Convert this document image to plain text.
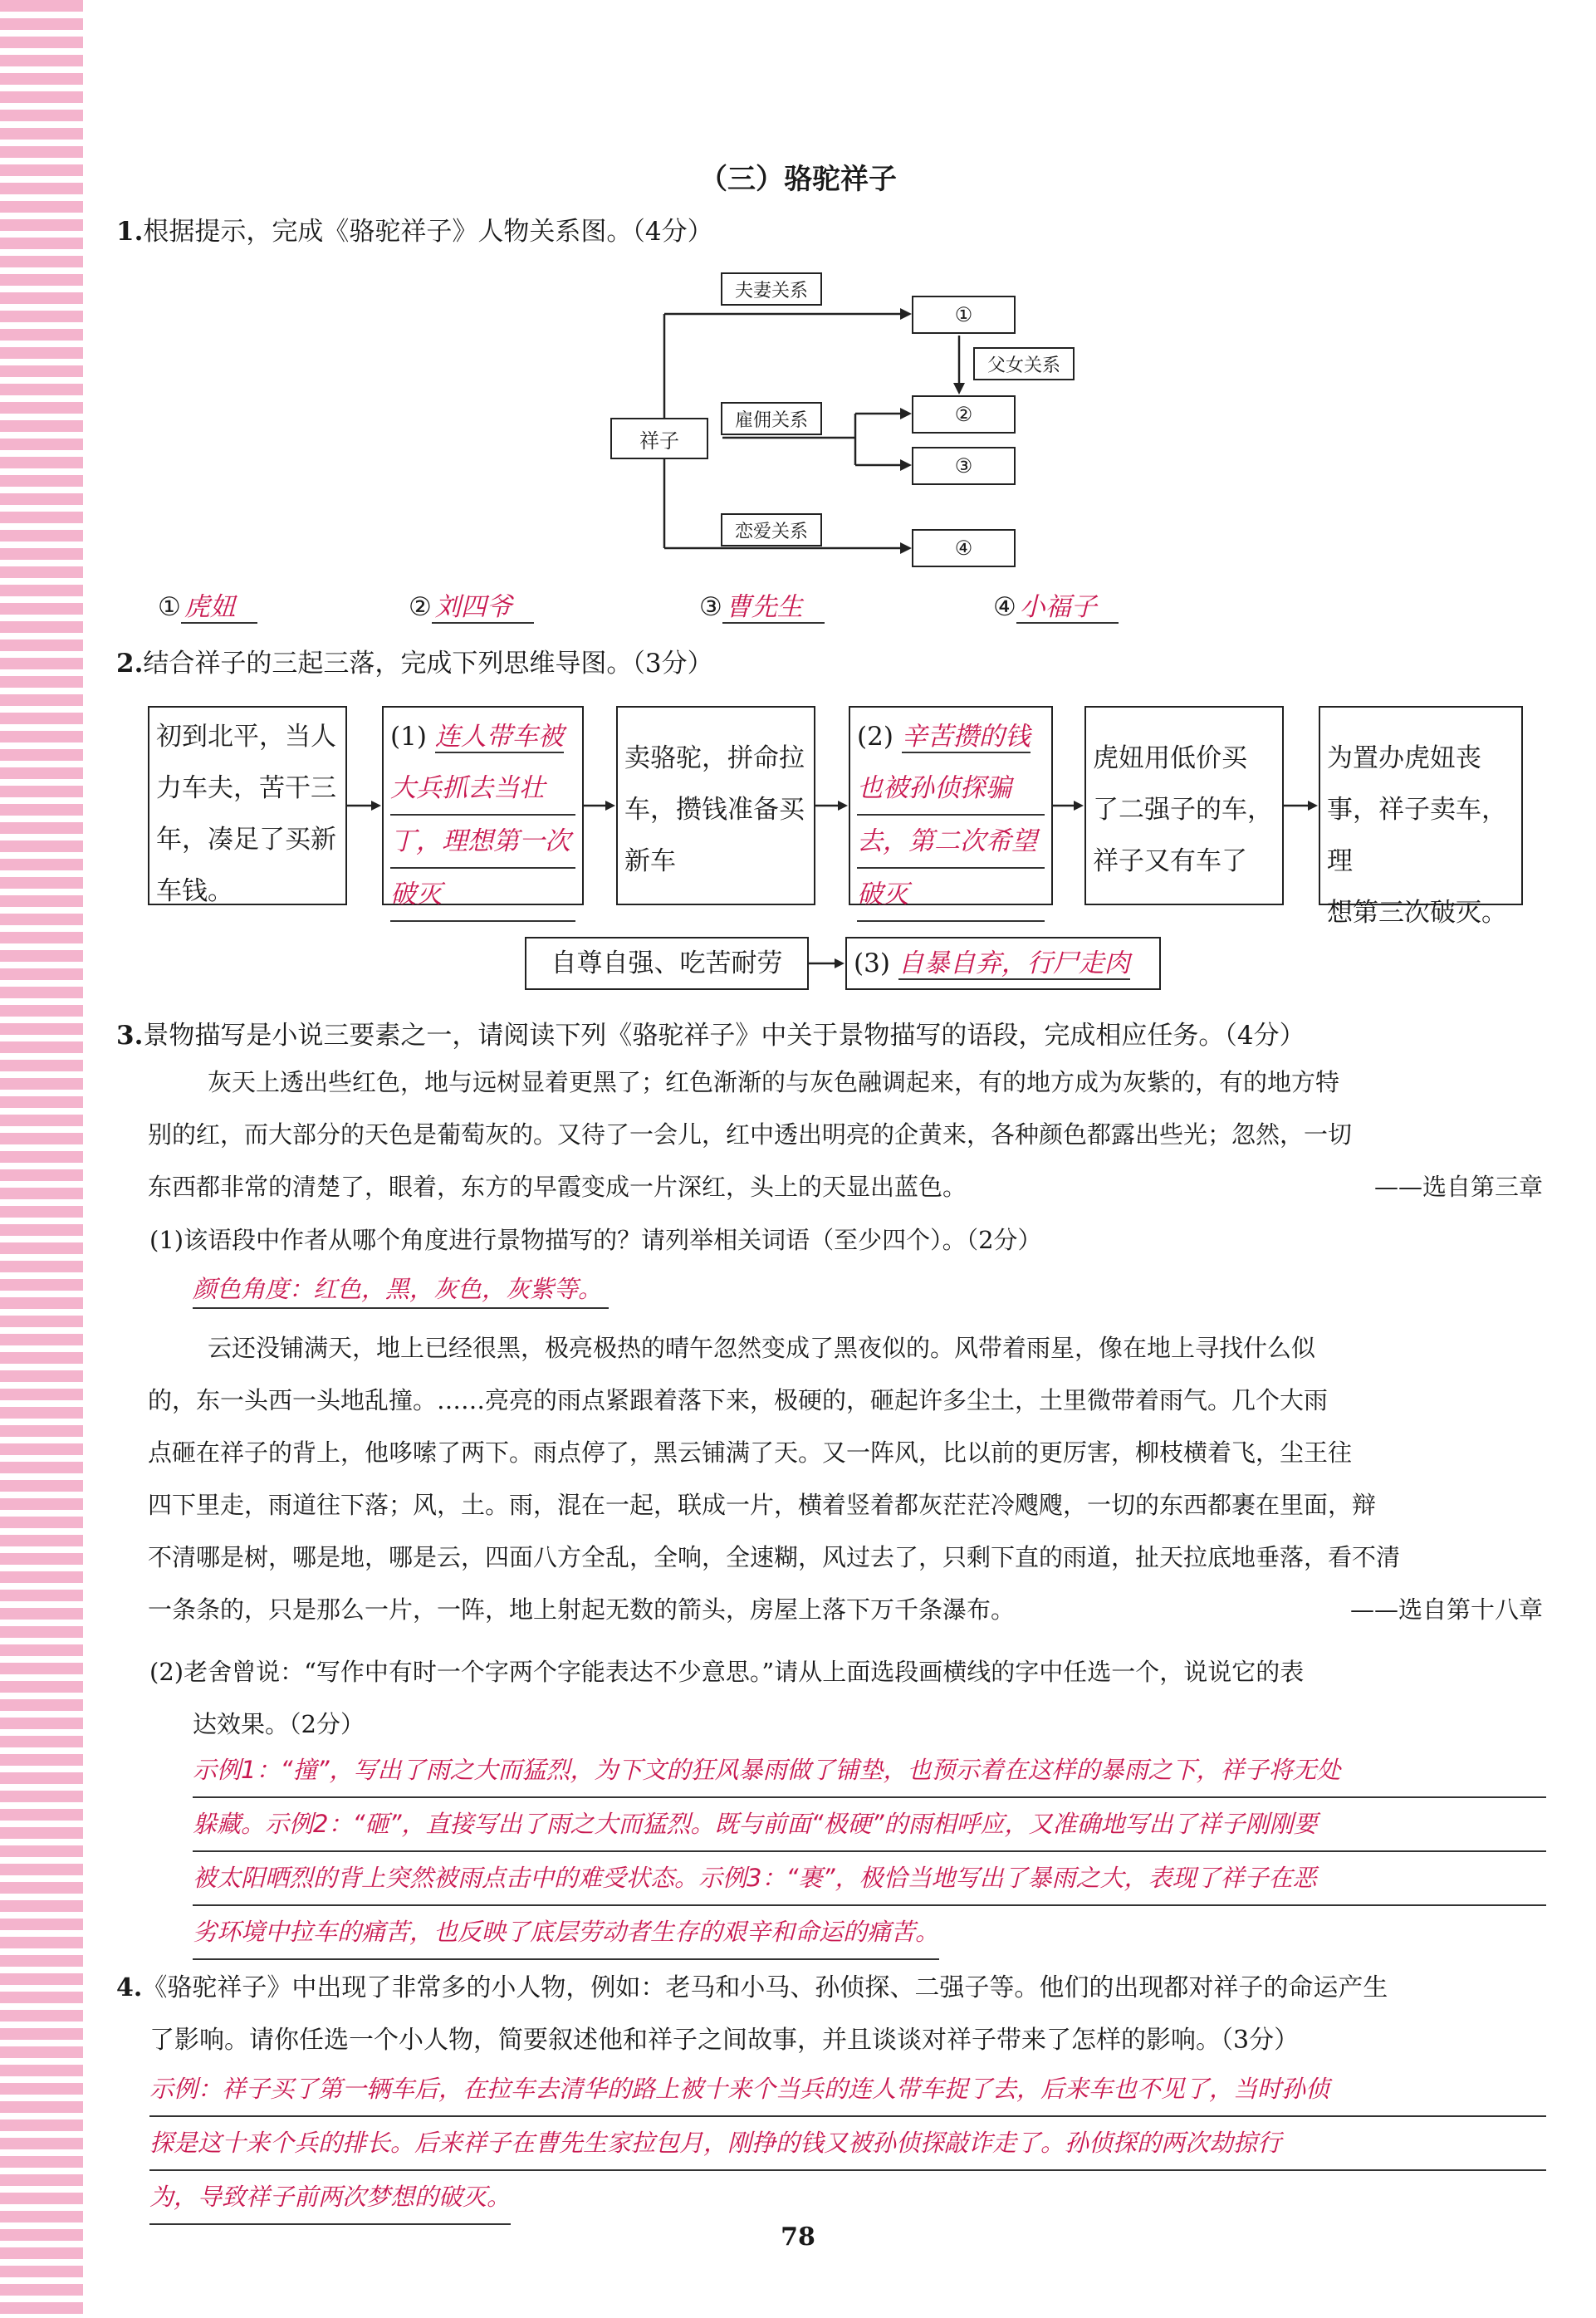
（三）骆驼祥子
1.根据提示，完成《骆驼祥子》人物关系图。（4分）
祥子
夫妻关系
父女关系
雇佣关系
恋爱关系
①
②
③
④
① 虎妞	② 刘四爷	③ 曹先生	④ 小福子
2.结合祥子的三起三落，完成下列思维导图。（3分）
初到北平，当人
力车夫，苦干三
年，凑足了买新
车钱。
(1) 连人带车被
大兵抓去当壮
丁，理想第一次
破灭
卖骆驼，拼命拉
车，攒钱准备买
新车
(2) 辛苦攒的钱
也被孙侦探骗
去，第二次希望
破灭
虎妞用低价买
了二强子的车，
祥子又有车了
为置办虎妞丧
事，祥子卖车，理
想第三次破灭。
自尊自强、吃苦耐劳	(3) 自暴自弃，行尸走肉
3.景物描写是小说三要素之一，请阅读下列《骆驼祥子》中关于景物描写的语段，完成相应任务。（4分）
灰天上透出些红色，地与远树显着更黑了；红色渐渐的与灰色融调起来，有的地方成为灰紫的，有的地方特
别的红，而大部分的天色是葡萄灰的。又待了一会儿，红中透出明亮的企黄来，各种颜色都露出些光；忽然，一切
东西都非常的清楚了，眼着，东方的早霞变成一片深红，头上的天显出蓝色。	——选自第三章
(1)该语段中作者从哪个角度进行景物描写的？请列举相关词语（至少四个）。（2分）
颜色角度：红色，黑，灰色，灰紫等。
云还没铺满天，地上已经很黑，极亮极热的晴午忽然变成了黑夜似的。风带着雨星，像在地上寻找什么似
的，东一头西一头地乱撞。……亮亮的雨点紧跟着落下来，极硬的，砸起许多尘土，土里微带着雨气。几个大雨
点砸在祥子的背上，他哆嗦了两下。雨点停了，黑云铺满了天。又一阵风，比以前的更厉害，柳枝横着飞，尘王往
四下里走，雨道往下落；风，土。雨，混在一起，联成一片，横着竖着都灰茫茫冷飕飕，一切的东西都裹在里面，辩
不清哪是树，哪是地，哪是云，四面八方全乱，全响，全速糊，风过去了，只剩下直的雨道，扯天拉底地垂落，看不清
一条条的，只是那么一片，一阵，地上射起无数的箭头，房屋上落下万千条瀑布。	——选自第十八章
(2)老舍曾说：“写作中有时一个字两个字能表达不少意思。”请从上面选段画横线的字中任选一个，说说它的表
达效果。（2分）
示例1：“撞”，写出了雨之大而猛烈，为下文的狂风暴雨做了铺垫，也预示着在这样的暴雨之下，祥子将无处
躲藏。示例2：“砸”，直接写出了雨之大而猛烈。既与前面“极硬”的雨相呼应，又准确地写出了祥子刚刚要
被太阳晒烈的背上突然被雨点击中的难受状态。示例3：“裹”，极恰当地写出了暴雨之大，表现了祥子在恶
劣环境中拉车的痛苦，也反映了底层劳动者生存的艰辛和命运的痛苦。
4.《骆驼祥子》中出现了非常多的小人物，例如：老马和小马、孙侦探、二强子等。他们的出现都对祥子的命运产生
了影响。请你任选一个小人物，简要叙述他和祥子之间故事，并且谈谈对祥子带来了怎样的影响。（3分）
示例：祥子买了第一辆车后，在拉车去清华的路上被十来个当兵的连人带车捉了去，后来车也不见了，当时孙侦
探是这十来个兵的排长。后来祥子在曹先生家拉包月，刚挣的钱又被孙侦探敲诈走了。孙侦探的两次劫掠行
为，导致祥子前两次梦想的破灭。
78
